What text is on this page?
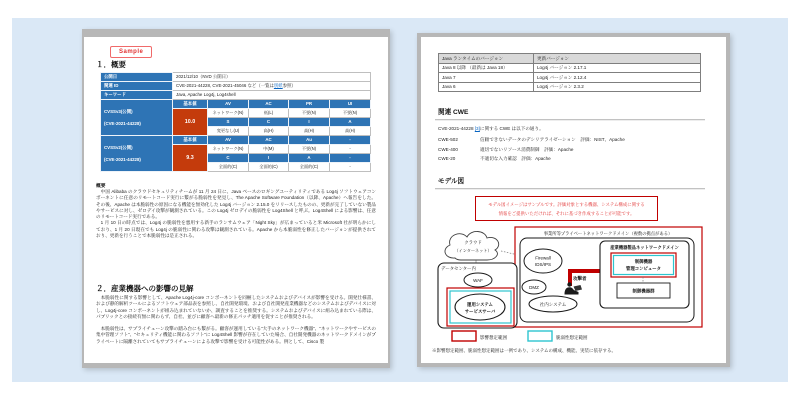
Sample
１．概要
公開日	2021/12/10（NVD 公開日）				
関連 ID	CVE-2021-44228, CVE-2021-45046 など（一覧は別紙参照）				
キーワード	Java, Apache Log4j, Log4shell				

CVSSv3(公開)
(CVE-2021-44228)	基本値	AV	AC	PR	UI
	10.0	ネットワーク(N)	低(L)	不要(N)	不要(N)
		S	C	I	A
		変更なし(U)	高(H)	高(H)	高(H)

CVSSv2(公開)
(CVE-2021-44228)	基本値	AV	AC	Au	-
	9.3	ネットワーク(N)	中(M)	不要(N)	-
		C	I	A	-
		全面的(C)	全面的(C)	全面的(C)	-
概要

　中国 Alibaba のクラウドセキュリティチームが 11 月 24 日に、Java ベースのロギングユーティリティである Log4j ソフトウェアコンポーネントに任意のリモートコード実行に繋がる脆弱性を発見し、The Apache Software Foundation（以降、Apache）へ報告をした。その後、Apache は本脆弱性の原因になる機能を無効化した Log4j バージョン 2.15.0 をリリースしたものの、更新が完了していない製品やサービスに対し、ゼロデイ攻撃が観測されている。この Log4j ゼロデイの脆弱性を Log4Shell と呼ぶ。Log4Shell による影響は、任意のリモートコード実行である。

　1 月 10 日の時点では、Log4j の脆弱性を悪用する新手のランサムウェア「Night Sky」が広まっていると米 Microsoft 社が明らかにしており、1 月 20 日現在でも Log4j の脆弱性に関わる攻撃は観測されている。Apache から本脆弱性を修正したバージョンが提供されており、更新を行うことで本脆弱性は是正される。

２．産業機器への影響の見解

　本脆弱性に関する影響として、Apache Log4j-core コンポーネントを同梱したシステムおよびデバイスが影響を受ける。開発仕様書、および静的解析ツールによるソフトウェア部品表を参照し、自社開発環境、および自社開発産業機器などのシステムおよびデバイスに対し、Log4j-core コンポーネントが組み込まれていないか、調査することを推奨する。システムおよびデバイスに組み込まれている際は、パブリックとの接続有無に関わらず、自社、並びに顧客へ最新の修正パッチ適用を促すことが推奨される。

　本脆弱性は、サプライチェーン攻撃の踏み台にも繋がる。顧客が運用している“大手のネットワーク機器”、“ネットワークやサービスの集中管理ソフト”、“セキュリティ機能に関わるソフト”に Log4Shell 影響が存在していた場合、自社開発機器のネットワークドメインがプライベートに隔離されていてもサプライチェーンによる攻撃で影響を受ける可能性がある。例として、Cisco 製

Java ランタイムのバージョン	更新バージョン
Java 8 以降 （最新は Java 18）	Log4j バージョン 2.17.1
Java 7	Log4j バージョン 2.12.4
Java 6	Log4j バージョン 2.3.2
関連 CWE
CVE-2021-44228 [3]に関する CWE は以下の通り。
CWE-502	信頼できないデータのデシリアライゼーション　評価：NIST、Apache
CWE-400	適切でないリソース消費制御　評価：Apache
CWE-20	不適切な入力確認　評価：Apache
モデル図
モデル図イメージはサンプルです。評価対象とする機器、システム構成に関する
情報をご提供いただければ、それに基づき作成することが可能です。
事業所等プライベートネットワークドメイン（複数の拠点がある）
Firewall
IDS/IPS
DMZ
社内システム
攻撃者
産業機器製品ネットワークドメイン
制御機器
管理コンピュータ
制御機器群
クラウド
（インターネット）
データセンター内
WAF
運用システム
サービスサーバ
影響想定範囲	脆弱性想定範囲
※影響想定範囲、脆弱性想定範囲は一例であり、システムの構成、機能、実装に依存する。
